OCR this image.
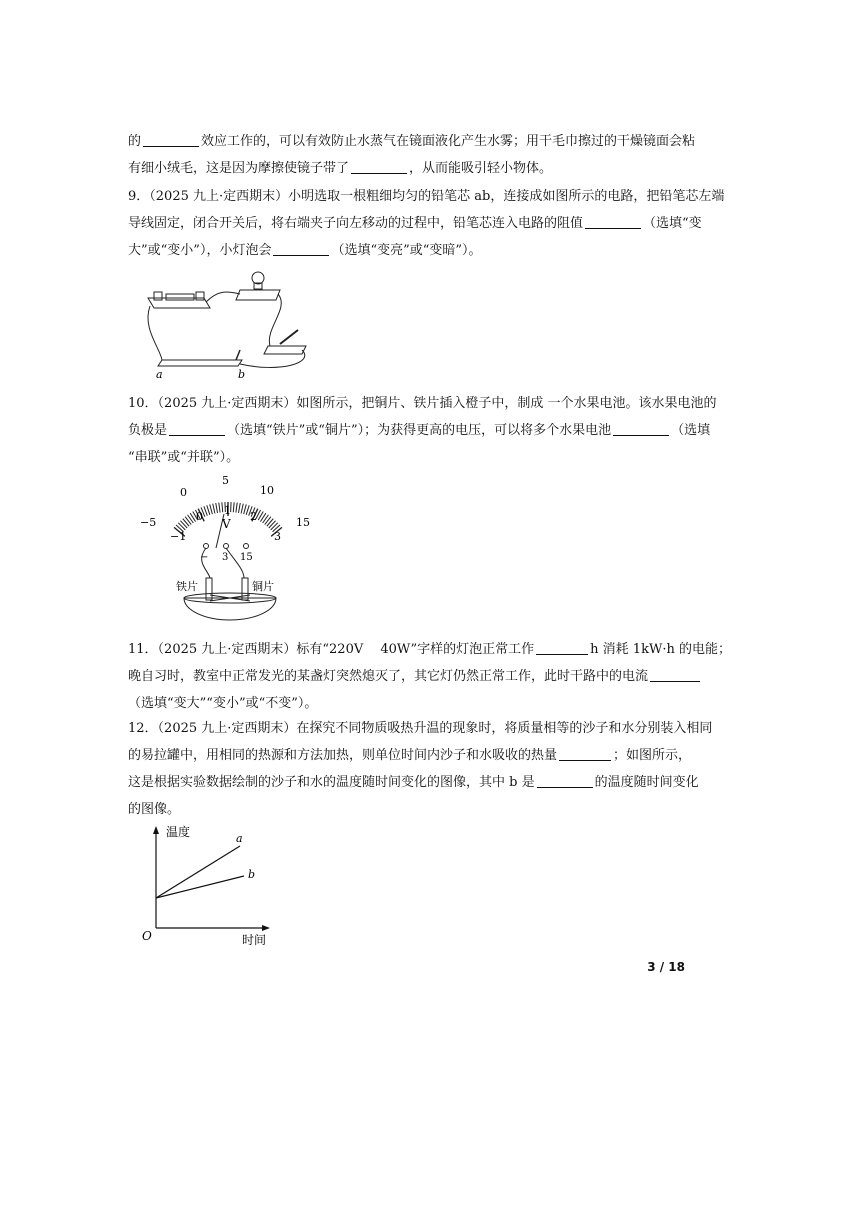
的	效应工作的，可以有效防止水蒸气在镜面液化产生水雾；用干毛巾擦过的干燥镜面会粘
有细小绒毛，这是因为摩擦使镜子带了	，从而能吸引轻小物体。
9．（2025 九上·定西期末）小明选取一根粗细均匀的铅笔芯 ab，连接成如图所示的电路，把铅笔芯左端
导线固定，闭合开关后，将右端夹子向左移动的过程中，铅笔芯连入电路的阻值	（选填“变
大”或“变小”），小灯泡会	（选填“变亮”或“变暗”）。
a	b
10．（2025 九上·定西期末）如图所示，把铜片、铁片插入橙子中，制成 一个水果电池。该水果电池的
负极是	（选填“铁片”或“铜片”）；为获得更高的电压，可以将多个水果电池	（选填
“串联”或“并联”）。
−5
0
5
10
15
−1
0 1 2
3
V
− 3 15
铁片	铜片
11．（2025 九上·定西期末）标有“220V　 40W”字样的灯泡正常工作	h 消耗 1kW·h 的电能；
晚自习时，教室中正常发光的某盏灯突然熄灭了，其它灯仍然正常工作，此时干路中的电流
（选填“变大”“变小”或“不变”）。
12．（2025 九上·定西期末）在探究不同物质吸热升温的现象时，将质量相等的沙子和水分别装入相同
的易拉罐中，用相同的热源和方法加热，则单位时间内沙子和水吸收的热量	；如图所示，
这是根据实验数据绘制的沙子和水的温度随时间变化的图像，其中 b 是	的温度随时间变化
的图像。
温度
时间
O
a
b
3 / 18
